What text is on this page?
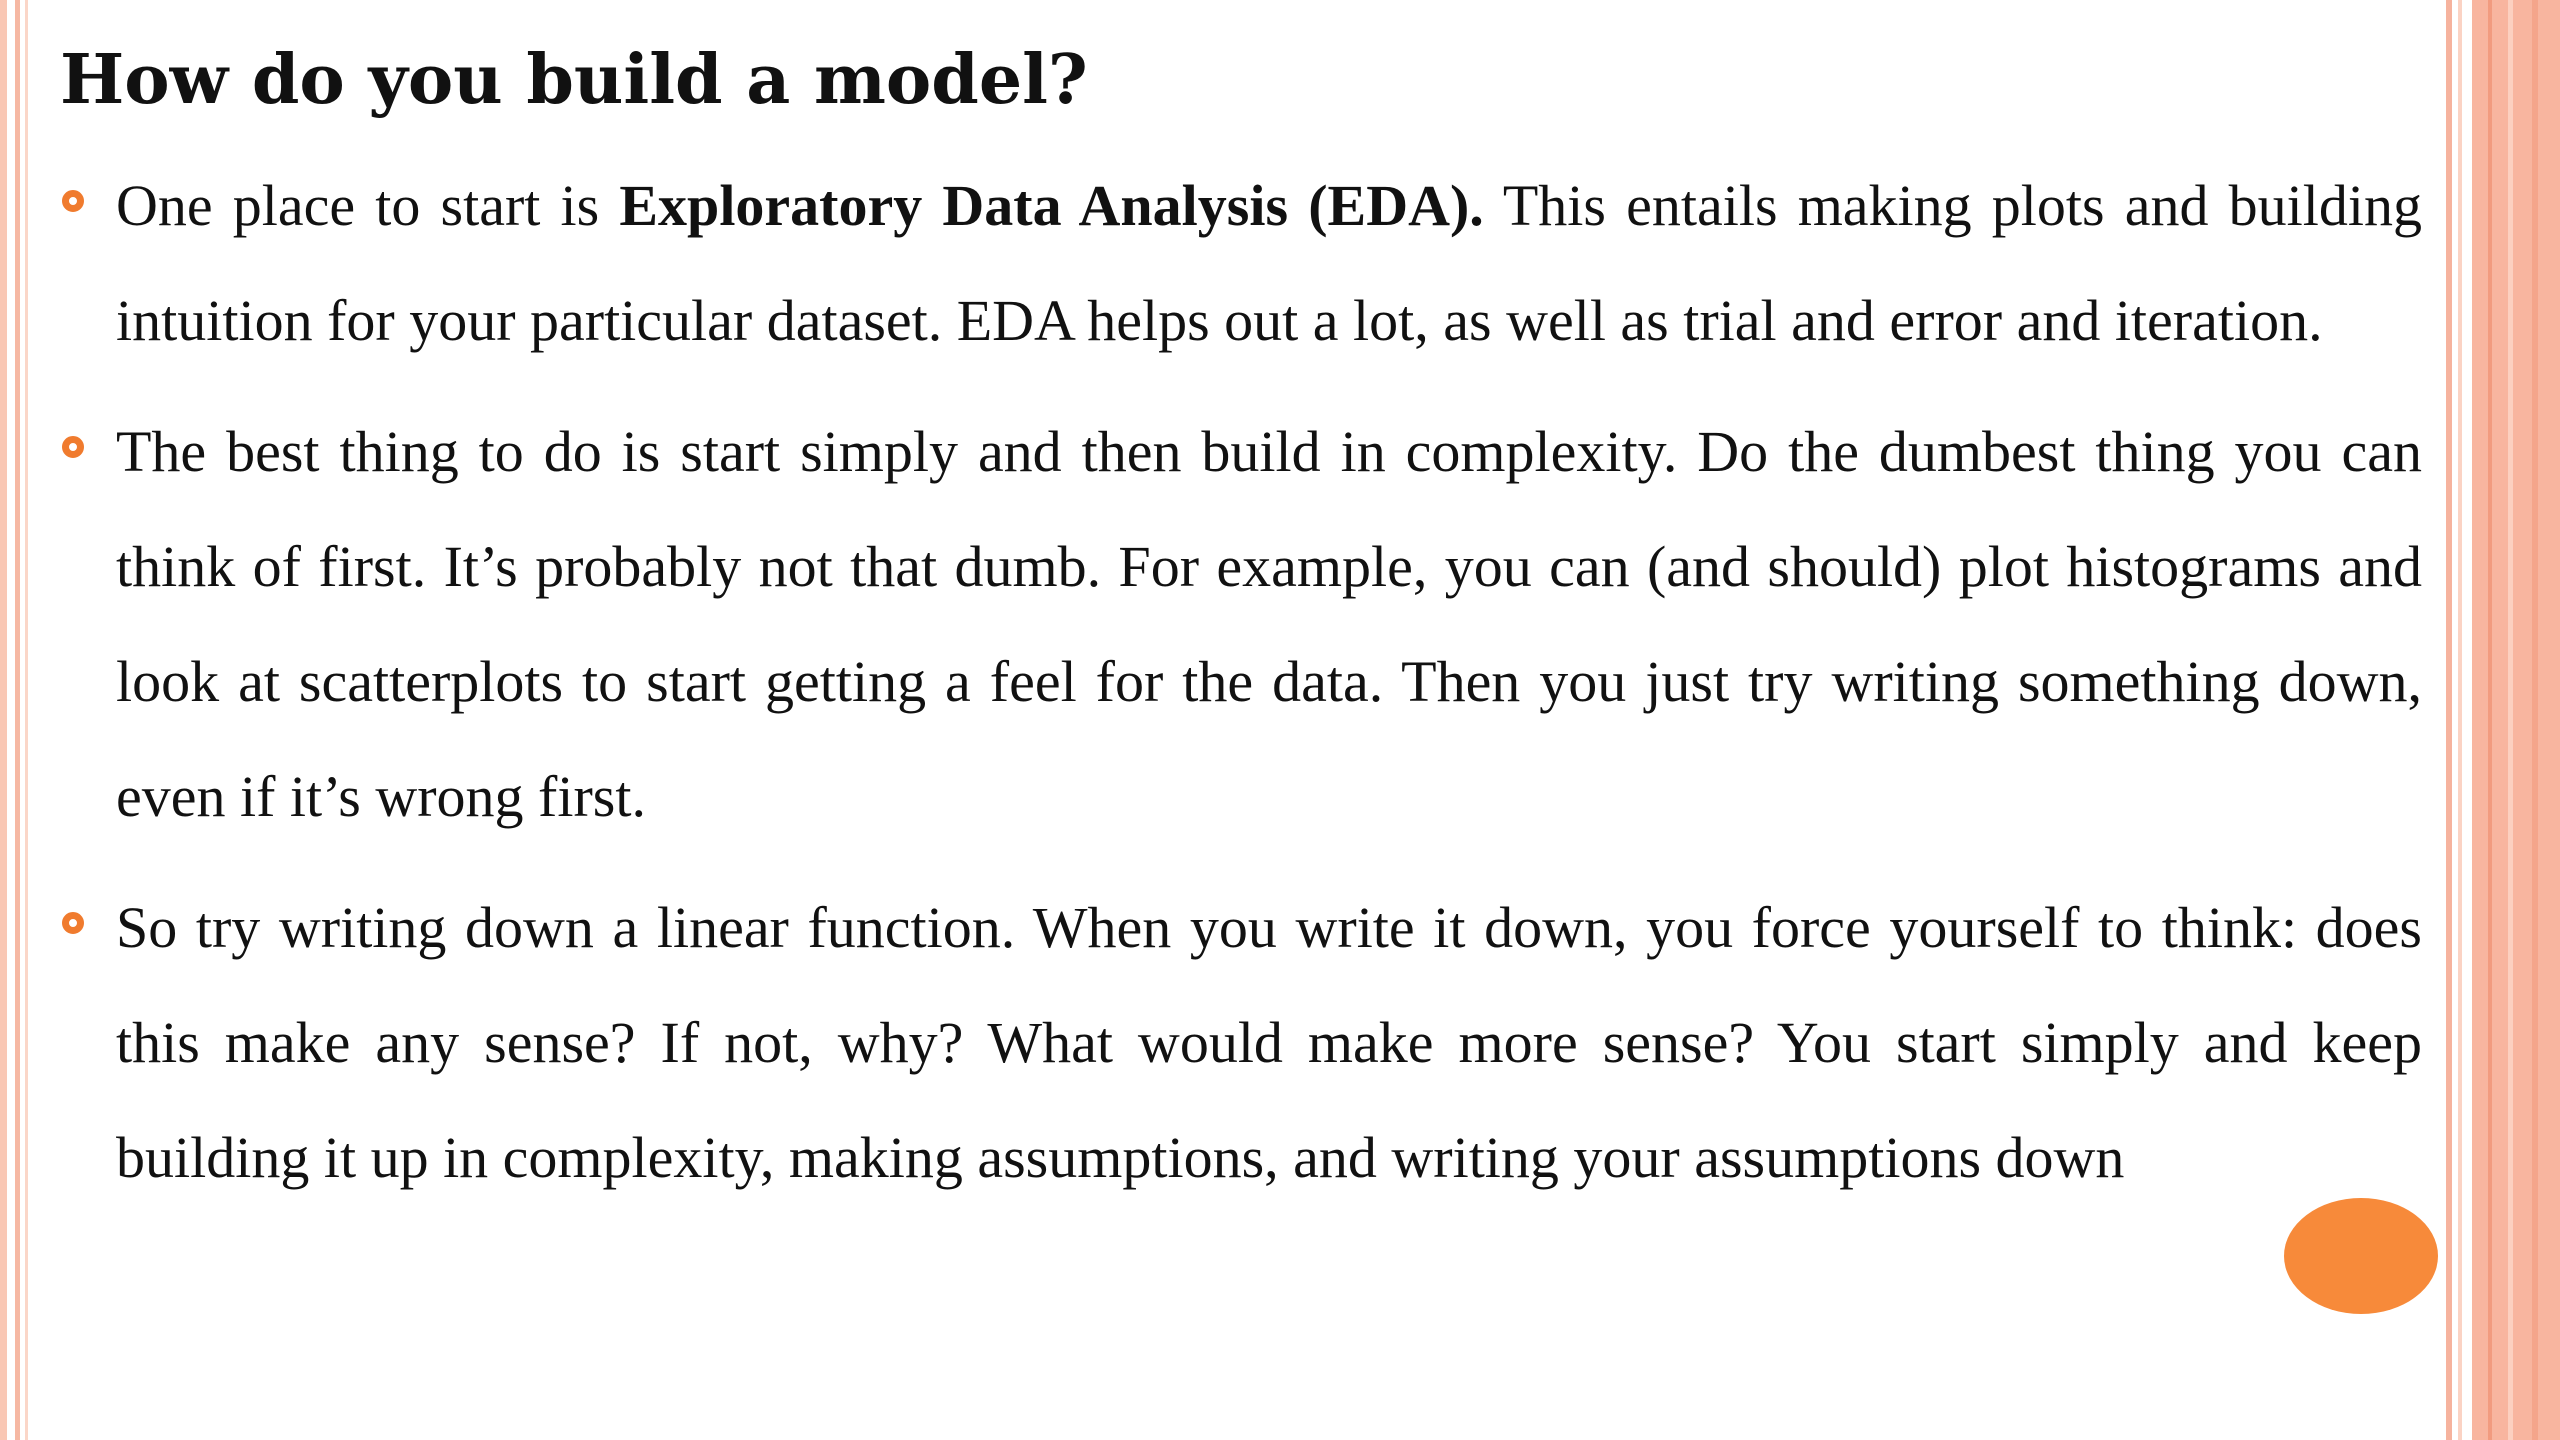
How do you build a model?
One place to start is Exploratory Data Analysis (EDA). This entails making plots and building intuition for your particular dataset. EDA helps out a lot, as well as trial and error and iteration.
The best thing to do is start simply and then build in complexity. Do the dumbest thing you can think of first. It’s probably not that dumb. For example, you can (and should) plot histograms and look at scatterplots to start getting a feel for the data. Then you just try writing something down, even if it’s wrong first.
So try writing down a linear function. When you write it down, you force yourself to think: does this make any sense? If not, why? What would make more sense? You start simply and keep building it up in complexity, making assumptions, and writing your assumptions down
